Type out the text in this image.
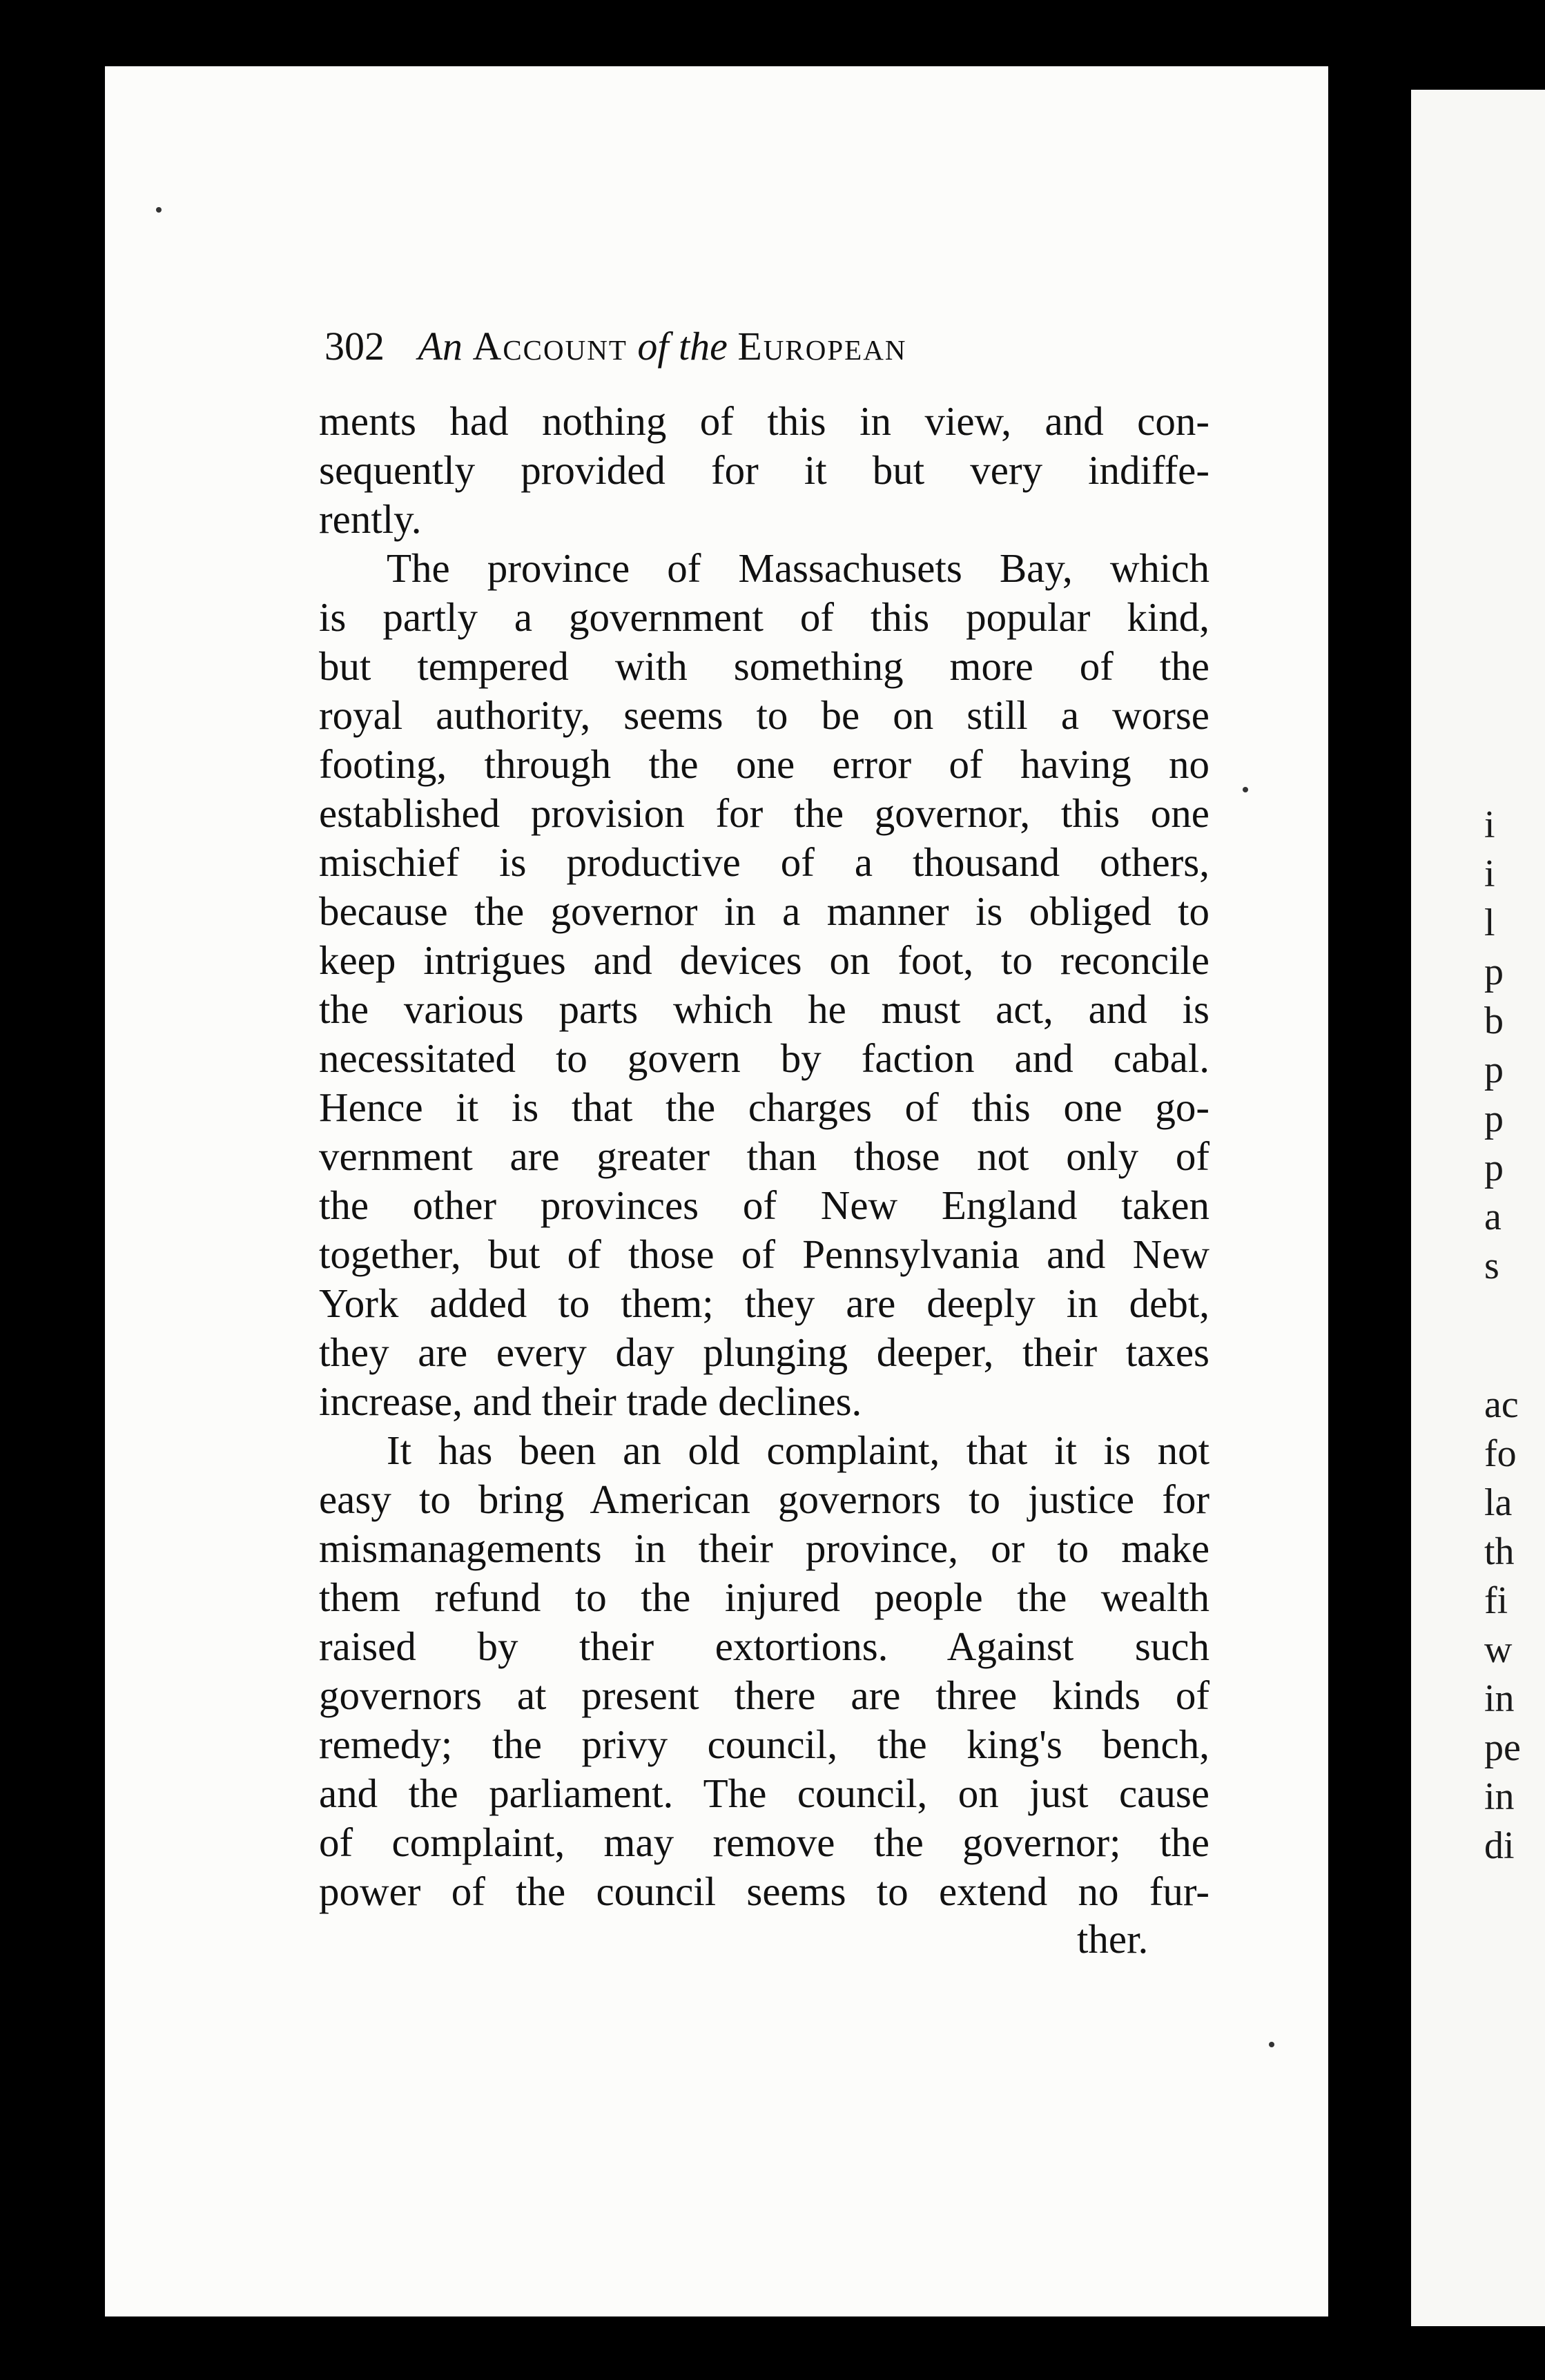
302 An Account of the European
ments had nothing of this in view, and con-
sequently provided for it but very indiffe-
rently.
The province of Massachusets Bay, which
is partly a government of this popular kind,
but tempered with something more of the
royal authority, seems to be on still a worse
footing, through the one error of having no
established provision for the governor, this one
mischief is productive of a thousand others,
because the governor in a manner is obliged to
keep intrigues and devices on foot, to reconcile
the various parts which he must act, and is
necessitated to govern by faction and cabal.
Hence it is that the charges of this one go-
vernment are greater than those not only of
the other provinces of New England taken
together, but of those of Pennsylvania and New
York added to them; they are deeply in debt,
they are every day plunging deeper, their taxes
increase, and their trade declines.
It has been an old complaint, that it is not
easy to bring American governors to justice for
mismanagements in their province, or to make
them refund to the injured people the wealth
raised by their extortions. Against such
governors at present there are three kinds of
remedy; the privy council, the king's bench,
and the parliament. The council, on just cause
of complaint, may remove the governor; the
power of the council seems to extend no fur-
ther.
i
i
l
p
b
p
p
p
a
s
ac
fo
la
th
fi
w
in
pe
in
di
